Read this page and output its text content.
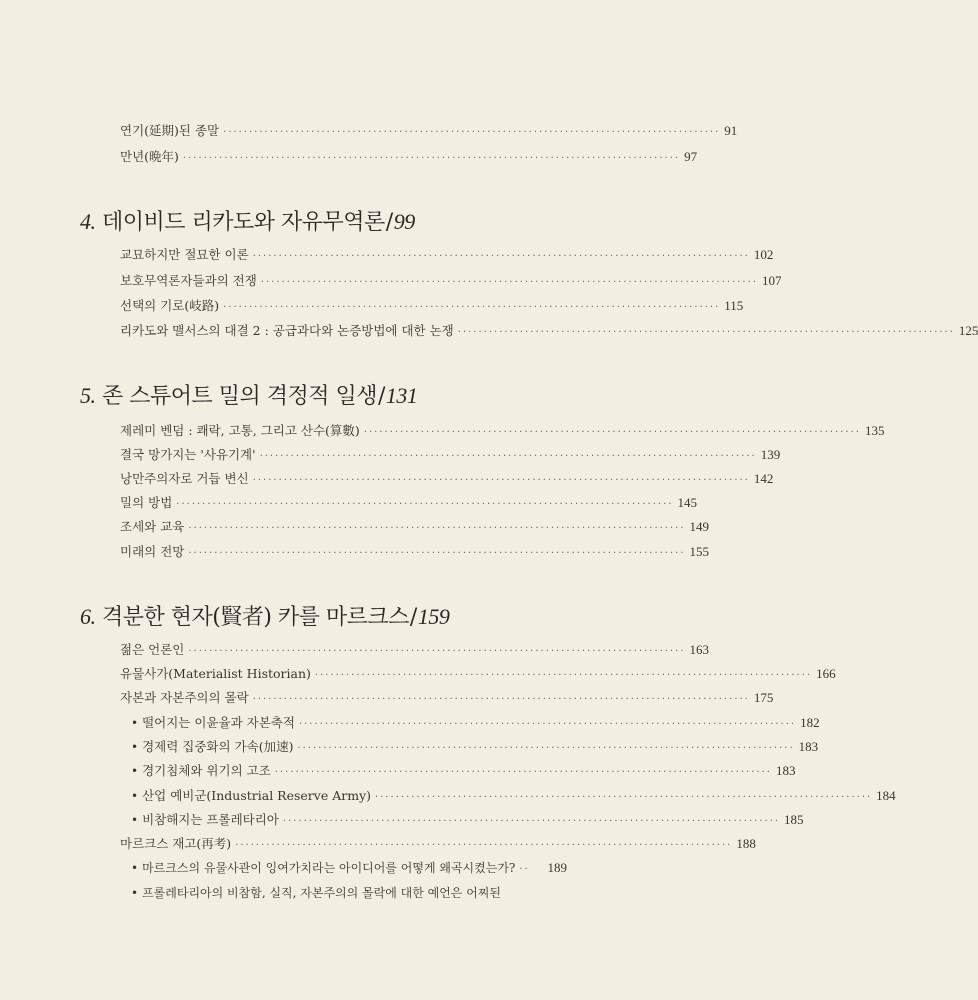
연기(延期)된 종말 ································································································ 91
만년(晩年) ································································································ 97
4. 데이비드 리카도와 자유무역론/99
교묘하지만 절묘한 이론 ································································································ 102
보호무역론자들과의 전쟁 ································································································ 107
선택의 기로(岐路) ································································································ 115
리카도와 맬서스의 대결 2 : 공급과다와 논증방법에 대한 논쟁 ································································································ 125
5. 존 스튜어트 밀의 격정적 일생/131
제레미 벤덤 : 쾌락, 고통, 그리고 산수(算數) ································································································ 135
결국 망가지는 '사유기계' ································································································ 139
낭만주의자로 거듭 변신 ································································································ 142
밀의 방법 ································································································ 145
조세와 교육 ································································································ 149
미래의 전망 ································································································ 155
6. 격분한 현자(賢者) 카를 마르크스/159
젊은 언론인 ································································································ 163
유물사가(Materialist Historian) ································································································ 166
자본과 자본주의의 몰락 ································································································ 175
• 떨어지는 이윤율과 자본축적 ································································································ 182
• 경제력 집중화의 가속(加速) ································································································ 183
• 경기침체와 위기의 고조 ································································································ 183
• 산업 예비군(Industrial Reserve Army) ································································································ 184
• 비참해지는 프롤레타리아 ································································································ 185
마르크스 재고(再考) ································································································ 188
• 마르크스의 유물사관이 잉여가치라는 아이디어를 어떻게 왜곡시켰는가? ··	189
• 프롤레타리아의 비참함, 실직, 자본주의의 몰락에 대한 예언은 어찌된
